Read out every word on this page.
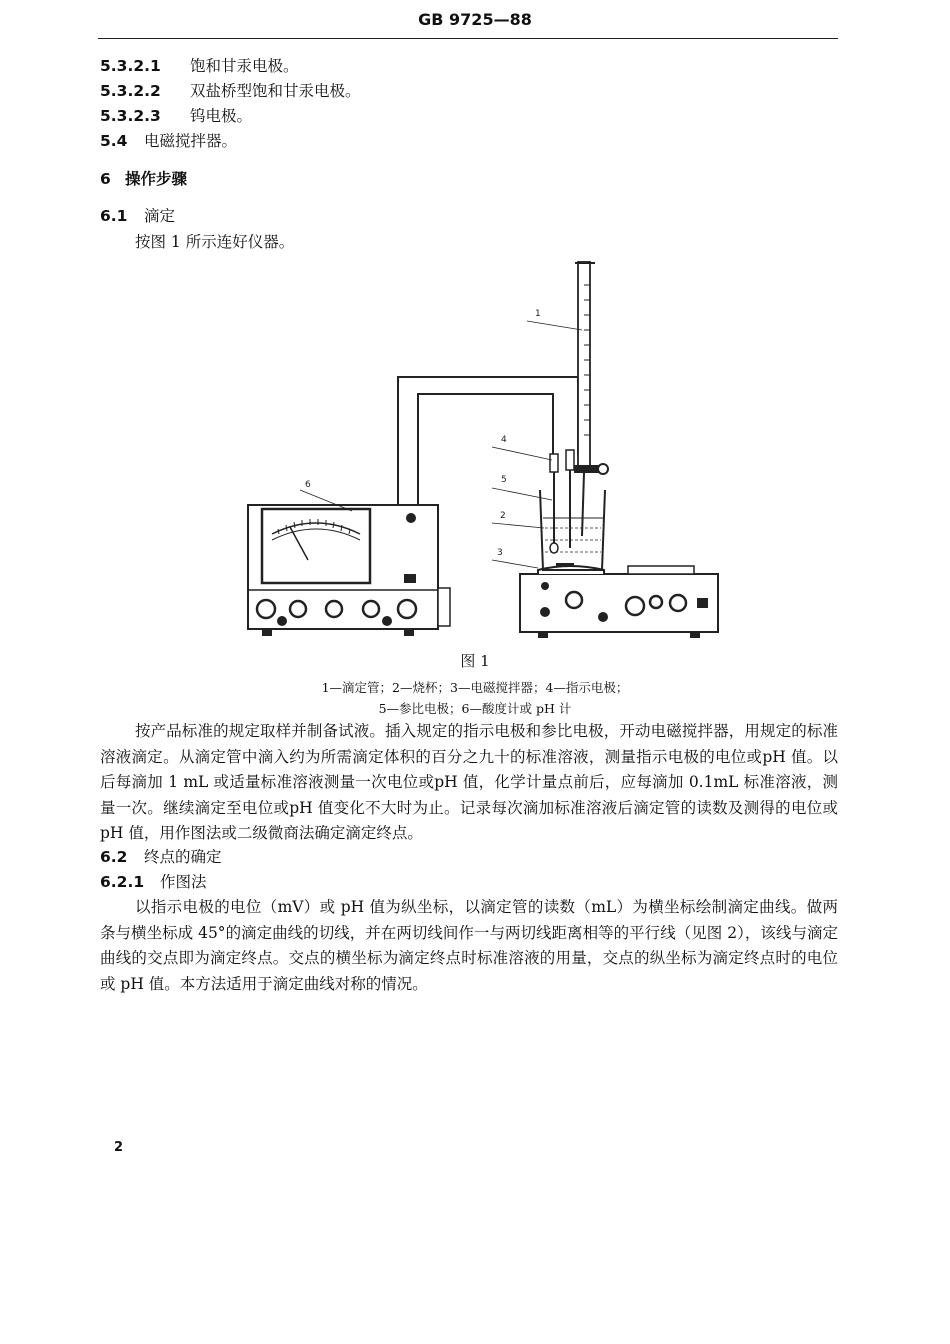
GB 9725—88
5.3.2.1 饱和甘汞电极。
5.3.2.2 双盐桥型饱和甘汞电极。
5.3.2.3 钨电极。
5.4 电磁搅拌器。
6 操作步骤
6.1 滴定
按图 1 所示连好仪器。
1
4
5
2
3
6
图 1
1—滴定管；2—烧杯；3—电磁搅拌器；4—指示电极；
5—参比电极；6—酸度计或 pH 计

按产品标准的规定取样并制备试液。插入规定的指示电极和参比电极，开动电磁搅拌器，用规定的标准溶液滴定。从滴定管中滴入约为所需滴定体积的百分之九十的标准溶液，测量指示电极的电位或pH 值。以后每滴加 1 mL 或适量标准溶液测量一次电位或pH 值，化学计量点前后，应每滴加 0.1mL 标准溶液，测量一次。继续滴定至电位或pH 值变化不大时为止。记录每次滴加标准溶液后滴定管的读数及测得的电位或pH 值，用作图法或二级微商法确定滴定终点。

6.2 终点的确定
6.2.1 作图法

以指示电极的电位（mV）或 pH 值为纵坐标，以滴定管的读数（mL）为横坐标绘制滴定曲线。做两条与横坐标成 45°的滴定曲线的切线，并在两切线间作一与两切线距离相等的平行线（见图 2），该线与滴定曲线的交点即为滴定终点。交点的横坐标为滴定终点时标准溶液的用量，交点的纵坐标为滴定终点时的电位或 pH 值。本方法适用于滴定曲线对称的情况。

2
